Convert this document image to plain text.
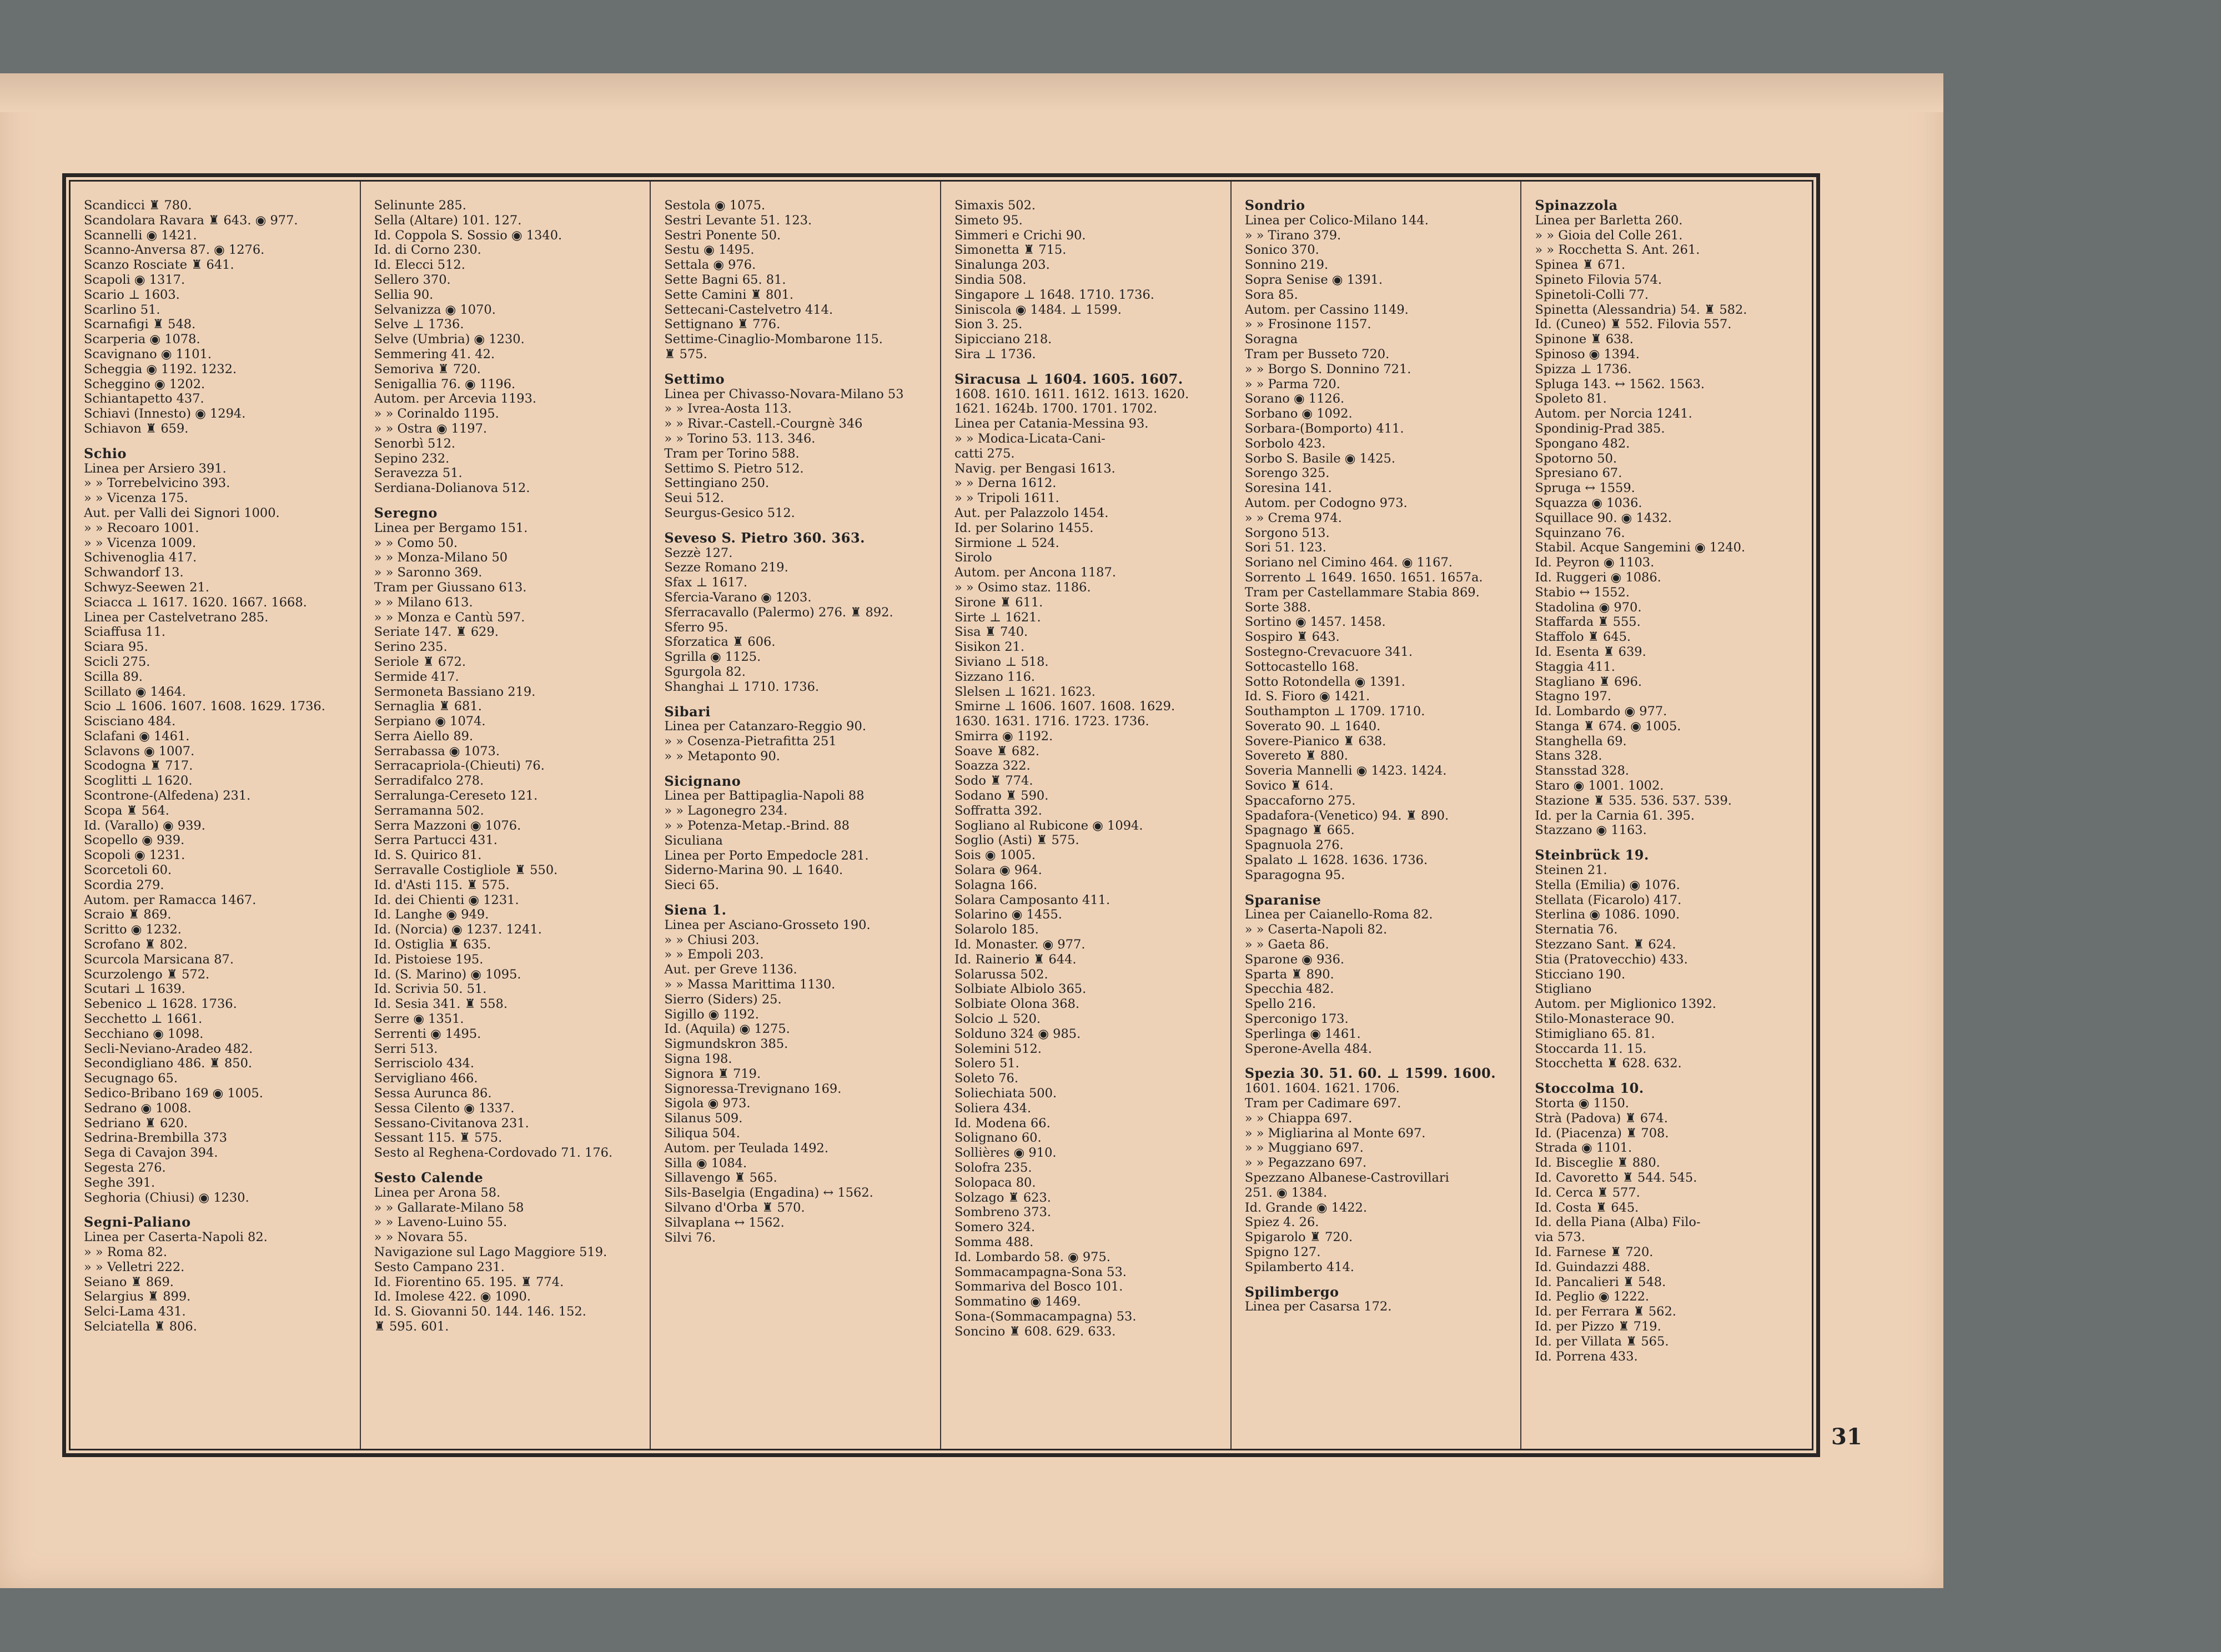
Scandicci ♜ 780.
Scandolara Ravara ♜ 643. ◉ 977.
Scannelli ◉ 1421.
Scanno-Anversa 87. ◉ 1276.
Scanzo Rosciate ♜ 641.
Scapoli ◉ 1317.
Scario ⊥ 1603.
Scarlino 51.
Scarnafigi ♜ 548.
Scarperia ◉ 1078.
Scavignano ◉ 1101.
Scheggia ◉ 1192. 1232.
Scheggino ◉ 1202.
Schiantapetto 437.
Schiavi (Innesto) ◉ 1294.
Schiavon ♜ 659.
Schio
Linea per Arsiero 391.
» » Torrebelvicino 393.
» » Vicenza 175.
Aut. per Valli dei Signori 1000.
» » Recoaro 1001.
» » Vicenza 1009.
Schivenoglia 417.
Schwandorf 13.
Schwyz-Seewen 21.
Sciacca ⊥ 1617. 1620. 1667. 1668.
Linea per Castelvetrano 285.
Sciaffusa 11.
Sciara 95.
Scicli 275.
Scilla 89.
Scillato ◉ 1464.
Scio ⊥ 1606. 1607. 1608. 1629. 1736.
Scisciano 484.
Sclafani ◉ 1461.
Sclavons ◉ 1007.
Scodogna ♜ 717.
Scoglitti ⊥ 1620.
Scontrone-(Alfedena) 231.
Scopa ♜ 564.
Id. (Varallo) ◉ 939.
Scopello ◉ 939.
Scopoli ◉ 1231.
Scorcetoli 60.
Scordia 279.
Autom. per Ramacca 1467.
Scraio ♜ 869.
Scritto ◉ 1232.
Scrofano ♜ 802.
Scurcola Marsicana 87.
Scurzolengo ♜ 572.
Scutari ⊥ 1639.
Sebenico ⊥ 1628. 1736.
Secchetto ⊥ 1661.
Secchiano ◉ 1098.
Secli-Neviano-Aradeo 482.
Secondigliano 486. ♜ 850.
Secugnago 65.
Sedico-Bribano 169 ◉ 1005.
Sedrano ◉ 1008.
Sedriano ♜ 620.
Sedrina-Brembilla 373
Sega di Cavajon 394.
Segesta 276.
Seghe 391.
Seghoria (Chiusi) ◉ 1230.
Segni-Paliano
Linea per Caserta-Napoli 82.
» » Roma 82.
» » Velletri 222.
Seiano ♜ 869.
Selargius ♜ 899.
Selci-Lama 431.
Selciatella ♜ 806.
Selinunte 285.
Sella (Altare) 101. 127.
Id. Coppola S. Sossio ◉ 1340.
Id. di Corno 230.
Id. Elecci 512.
Sellero 370.
Sellia 90.
Selvanizza ◉ 1070.
Selve ⊥ 1736.
Selve (Umbria) ◉ 1230.
Semmering 41. 42.
Semoriva ♜ 720.
Senigallia 76. ◉ 1196.
Autom. per Arcevia 1193.
» » Corinaldo 1195.
» » Ostra ◉ 1197.
Senorbì 512.
Sepino 232.
Seravezza 51.
Serdiana-Dolianova 512.
Seregno
Linea per Bergamo 151.
» » Como 50.
» » Monza-Milano 50
» » Saronno 369.
Tram per Giussano 613.
» » Milano 613.
» » Monza e Cantù 597.
Seriate 147. ♜ 629.
Serino 235.
Seriole ♜ 672.
Sermide 417.
Sermoneta Bassiano 219.
Sernaglia ♜ 681.
Serpiano ◉ 1074.
Serra Aiello 89.
Serrabassa ◉ 1073.
Serracapriola-(Chieuti) 76.
Serradifalco 278.
Serralunga-Cereseto 121.
Serramanna 502.
Serra Mazzoni ◉ 1076.
Serra Partucci 431.
Id. S. Quirico 81.
Serravalle Costigliole ♜ 550.
Id. d'Asti 115. ♜ 575.
Id. dei Chienti ◉ 1231.
Id. Langhe ◉ 949.
Id. (Norcia) ◉ 1237. 1241.
Id. Ostiglia ♜ 635.
Id. Pistoiese 195.
Id. (S. Marino) ◉ 1095.
Id. Scrivia 50. 51.
Id. Sesia 341. ♜ 558.
Serre ◉ 1351.
Serrenti ◉ 1495.
Serri 513.
Serrisciolo 434.
Servigliano 466.
Sessa Aurunca 86.
Sessa Cilento ◉ 1337.
Sessano-Civitanova 231.
Sessant 115. ♜ 575.
Sesto al Reghena-Cordovado 71. 176.
Sesto Calende
Linea per Arona 58.
» » Gallarate-Milano 58
» » Laveno-Luino 55.
» » Novara 55.
Navigazione sul Lago Maggiore 519.
Sesto Campano 231.
Id. Fiorentino 65. 195. ♜ 774.
Id. Imolese 422. ◉ 1090.
Id. S. Giovanni 50. 144. 146. 152.
♜ 595. 601.
Sestola ◉ 1075.
Sestri Levante 51. 123.
Sestri Ponente 50.
Sestu ◉ 1495.
Settala ◉ 976.
Sette Bagni 65. 81.
Sette Camini ♜ 801.
Settecani-Castelvetro 414.
Settignano ♜ 776.
Settime-Cinaglio-Mombarone 115.
♜ 575.
Settimo
Linea per Chivasso-Novara-Milano 53
» » Ivrea-Aosta 113.
» » Rivar.-Castell.-Courgnè 346
» » Torino 53. 113. 346.
Tram per Torino 588.
Settimo S. Pietro 512.
Settingiano 250.
Seui 512.
Seurgus-Gesico 512.
Seveso S. Pietro 360. 363.
Sezzè 127.
Sezze Romano 219.
Sfax ⊥ 1617.
Sfercia-Varano ◉ 1203.
Sferracavallo (Palermo) 276. ♜ 892.
Sferro 95.
Sforzatica ♜ 606.
Sgrilla ◉ 1125.
Sgurgola 82.
Shanghai ⊥ 1710. 1736.
Sibari
Linea per Catanzaro-Reggio 90.
» » Cosenza-Pietrafitta 251
» » Metaponto 90.
Sicignano
Linea per Battipaglia-Napoli 88
» » Lagonegro 234.
» » Potenza-Metap.-Brind. 88
Siculiana
Linea per Porto Empedocle 281.
Siderno-Marina 90. ⊥ 1640.
Sieci 65.
Siena 1.
Linea per Asciano-Grosseto 190.
» » Chiusi 203.
» » Empoli 203.
Aut. per Greve 1136.
» » Massa Marittima 1130.
Sierro (Siders) 25.
Sigillo ◉ 1192.
Id. (Aquila) ◉ 1275.
Sigmundskron 385.
Signa 198.
Signora ♜ 719.
Signoressa-Trevignano 169.
Sigola ◉ 973.
Silanus 509.
Siliqua 504.
Autom. per Teulada 1492.
Silla ◉ 1084.
Sillavengo ♜ 565.
Sils-Baselgia (Engadina) ↔ 1562.
Silvano d'Orba ♜ 570.
Silvaplana ↔ 1562.
Silvi 76.
Simaxis 502.
Simeto 95.
Simmeri e Crichi 90.
Simonetta ♜ 715.
Sinalunga 203.
Sindia 508.
Singapore ⊥ 1648. 1710. 1736.
Siniscola ◉ 1484. ⊥ 1599.
Sion 3. 25.
Sipicciano 218.
Sira ⊥ 1736.
Siracusa ⊥ 1604. 1605. 1607.
1608. 1610. 1611. 1612. 1613. 1620.
1621. 1624b. 1700. 1701. 1702.
Linea per Catania-Messina 93.
» » Modica-Licata-Cani-
catti 275.
Navig. per Bengasi 1613.
» » Derna 1612.
» » Tripoli 1611.
Aut. per Palazzolo 1454.
Id. per Solarino 1455.
Sirmione ⊥ 524.
Sirolo
Autom. per Ancona 1187.
» » Osimo staz. 1186.
Sirone ♜ 611.
Sirte ⊥ 1621.
Sisa ♜ 740.
Sisikon 21.
Siviano ⊥ 518.
Sizzano 116.
Slelsen ⊥ 1621. 1623.
Smirne ⊥ 1606. 1607. 1608. 1629.
1630. 1631. 1716. 1723. 1736.
Smirra ◉ 1192.
Soave ♜ 682.
Soazza 322.
Sodo ♜ 774.
Sodano ♜ 590.
Soffratta 392.
Sogliano al Rubicone ◉ 1094.
Soglio (Asti) ♜ 575.
Sois ◉ 1005.
Solara ◉ 964.
Solagna 166.
Solara Camposanto 411.
Solarino ◉ 1455.
Solarolo 185.
Id. Monaster. ◉ 977.
Id. Rainerio ♜ 644.
Solarussa 502.
Solbiate Albiolo 365.
Solbiate Olona 368.
Solcio ⊥ 520.
Solduno 324 ◉ 985.
Solemini 512.
Solero 51.
Soleto 76.
Soliechiata 500.
Soliera 434.
Id. Modena 66.
Solignano 60.
Sollières ◉ 910.
Solofra 235.
Solopaca 80.
Solzago ♜ 623.
Sombreno 373.
Somero 324.
Somma 488.
Id. Lombardo 58. ◉ 975.
Sommacampagna-Sona 53.
Sommariva del Bosco 101.
Sommatino ◉ 1469.
Sona-(Sommacampagna) 53.
Soncino ♜ 608. 629. 633.
Sondrio
Linea per Colico-Milano 144.
» » Tirano 379.
Sonico 370.
Sonnino 219.
Sopra Senise ◉ 1391.
Sora 85.
Autom. per Cassino 1149.
» » Frosinone 1157.
Soragna
Tram per Busseto 720.
» » Borgo S. Donnino 721.
» » Parma 720.
Sorano ◉ 1126.
Sorbano ◉ 1092.
Sorbara-(Bomporto) 411.
Sorbolo 423.
Sorbo S. Basile ◉ 1425.
Sorengo 325.
Soresina 141.
Autom. per Codogno 973.
» » Crema 974.
Sorgono 513.
Sori 51. 123.
Soriano nel Cimino 464. ◉ 1167.
Sorrento ⊥ 1649. 1650. 1651. 1657a.
Tram per Castellammare Stabia 869.
Sorte 388.
Sortino ◉ 1457. 1458.
Sospiro ♜ 643.
Sostegno-Crevacuore 341.
Sottocastello 168.
Sotto Rotondella ◉ 1391.
Id. S. Fioro ◉ 1421.
Southampton ⊥ 1709. 1710.
Soverato 90. ⊥ 1640.
Sovere-Pianico ♜ 638.
Sovereto ♜ 880.
Soveria Mannelli ◉ 1423. 1424.
Sovico ♜ 614.
Spaccaforno 275.
Spadafora-(Venetico) 94. ♜ 890.
Spagnago ♜ 665.
Spagnuola 276.
Spalato ⊥ 1628. 1636. 1736.
Sparagogna 95.
Sparanise
Linea per Caianello-Roma 82.
» » Caserta-Napoli 82.
» » Gaeta 86.
Sparone ◉ 936.
Sparta ♜ 890.
Specchia 482.
Spello 216.
Sperconigo 173.
Sperlinga ◉ 1461.
Sperone-Avella 484.
Spezia 30. 51. 60. ⊥ 1599. 1600.
1601. 1604. 1621. 1706.
Tram per Cadimare 697.
» » Chiappa 697.
» » Migliarina al Monte 697.
» » Muggiano 697.
» » Pegazzano 697.
Spezzano Albanese-Castrovillari
251. ◉ 1384.
Id. Grande ◉ 1422.
Spiez 4. 26.
Spigarolo ♜ 720.
Spigno 127.
Spilamberto 414.
Spilimbergo
Linea per Casarsa 172.
Spinazzola
Linea per Barletta 260.
» » Gioia del Colle 261.
» » Rocchetta S. Ant. 261.
Spinea ♜ 671.
Spineto Filovia 574.
Spinetoli-Colli 77.
Spinetta (Alessandria) 54. ♜ 582.
Id. (Cuneo) ♜ 552. Filovia 557.
Spinone ♜ 638.
Spinoso ◉ 1394.
Spizza ⊥ 1736.
Spluga 143. ↔ 1562. 1563.
Spoleto 81.
Autom. per Norcia 1241.
Spondinig-Prad 385.
Spongano 482.
Spotorno 50.
Spresiano 67.
Spruga ↔ 1559.
Squazza ◉ 1036.
Squillace 90. ◉ 1432.
Squinzano 76.
Stabil. Acque Sangemini ◉ 1240.
Id. Peyron ◉ 1103.
Id. Ruggeri ◉ 1086.
Stabio ↔ 1552.
Stadolina ◉ 970.
Staffarda ♜ 555.
Staffolo ♜ 645.
Id. Esenta ♜ 639.
Staggia 411.
Stagliano ♜ 696.
Stagno 197.
Id. Lombardo ◉ 977.
Stanga ♜ 674. ◉ 1005.
Stanghella 69.
Stans 328.
Stansstad 328.
Staro ◉ 1001. 1002.
Stazione ♜ 535. 536. 537. 539.
Id. per la Carnia 61. 395.
Stazzano ◉ 1163.
Steinbrück 19.
Steinen 21.
Stella (Emilia) ◉ 1076.
Stellata (Ficarolo) 417.
Sterlina ◉ 1086. 1090.
Sternatia 76.
Stezzano Sant. ♜ 624.
Stia (Pratovecchio) 433.
Sticciano 190.
Stigliano
Autom. per Miglionico 1392.
Stilo-Monasterace 90.
Stimigliano 65. 81.
Stoccarda 11. 15.
Stocchetta ♜ 628. 632.
Stoccolma 10.
Storta ◉ 1150.
Strà (Padova) ♜ 674.
Id. (Piacenza) ♜ 708.
Strada ◉ 1101.
Id. Bisceglie ♜ 880.
Id. Cavoretto ♜ 544. 545.
Id. Cerca ♜ 577.
Id. Costa ♜ 645.
Id. della Piana (Alba) Filo-
via 573.
Id. Farnese ♜ 720.
Id. Guindazzi 488.
Id. Pancalieri ♜ 548.
Id. Peglio ◉ 1222.
Id. per Ferrara ♜ 562.
Id. per Pizzo ♜ 719.
Id. per Villata ♜ 565.
Id. Porrena 433.
31
